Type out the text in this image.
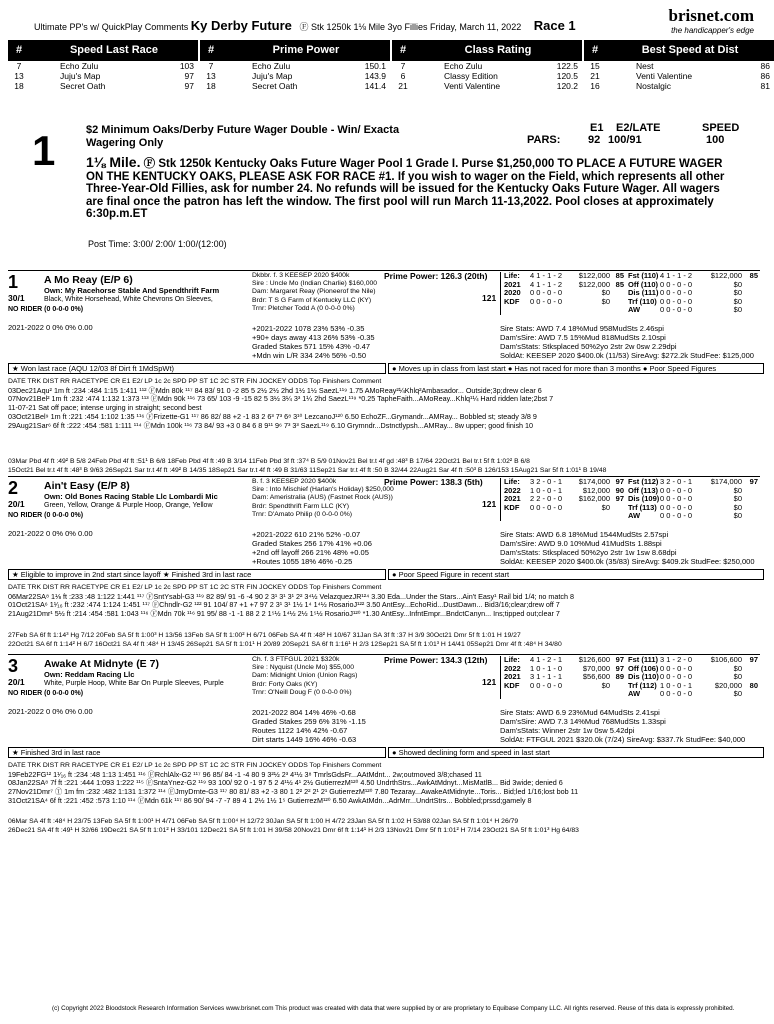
Ultimate PP's w/ QuickPlay Comments Ky Derby Future Ⓕ Stk 1250k 1⅛ Mile 3yo Fillies Friday, March 11, 2022 Race 1
brisnet.com
the handicapper's edge
#	Speed Last Race
7	Echo Zulu	103
13	Juju's Map	97
18	Secret Oath	97
#	Prime Power
7	Echo Zulu	150.1
13	Juju's Map	143.9
18	Secret Oath	141.4
#	Class Rating
7	Echo Zulu	122.5
6	Classy Edition	120.5
21	Venti Valentine	120.2
#	Best Speed at Dist
15	Nest	86
21	Venti Valentine	86
16	Nostalgic	81
1	$2 Minimum Oaks/Derby Future Wager Double - Win/ Exacta Wagering Only	PARS:
E1 E2/LATE	SPEED
92 100/91	100
1⅛ Mile. Ⓕ Stk 1250k Kentucky Oaks Future Wager Pool 1 Grade I. Purse $1,250,000 TO PLACE A FUTURE WAGER ON THE KENTUCKY OAKS, PLEASE ASK FOR RACE #1. If you wish to wager on the Field, which represents all other Three-Year-Old Fillies, ask for number 24. No refunds will be issued for the Kentucky Oaks Future Wager. All wagers are final once the patron has left the window. The first pool will run March 11-13,2022. Pool closes at approximately 6:30p.m.ET
Post Time: 3:00/ 2:00/ 1:00/(12:00)
1 A Mo Reay (E/P 6)
Own: My Racehorse Stable And Spendthrift Farm
30/1	Black, White Horsehead, White Chevrons On Sleeves,
NO RIDER (0 0-0-0 0%)
Dkbbr. f. 3 KEESEP 2020 $400k
Sire : Uncle Mo (Indian Charlie) $160,000
Dam: Margaret Reay (Pioneerof the Nile)
Brdr: T S G Farm of Kentucky LLC (KY)
Trnr: Pletcher Todd A (0 0-0-0 0%)
Prime Power: 126.3 (20th)
121
Life:	4 1 - 1 - 2	$122,000 85 Fst (110) 4 1 - 1 - 2	$122,000	85
2021	4 1 - 1 - 2	$122,000 85 Off (110) 0 0 - 0 - 0	$0
2020	0 0 - 0 - 0	$0	Dis (111) 0 0 - 0 - 0	$0
KDF	0 0 - 0 - 0	$0	Trf (110) 0 0 - 0 - 0	$0
AW	0 0 - 0 - 0	$0
2021-2022 0 0% 0% 0.00	+2021-2022 1078 23% 53% -0.35
+90+ days away 413 26% 53% -0.35
Graded Stakes 571 15% 43% -0.47
+Mdn win L/R 334 24% 56% -0.50
Sire Stats: AWD 7.4 18%Mud 958MudSts 2.46spi
Dam'sSire: AWD 7.5 15%Mud 818MudSts 2.10spi
Dam'sStats: Stksplaced 50%2yo 2str 2w 0sw 2.29dpi
SoldAt: KEESEP 2020 $400.0k (11/53) SireAvg: $272.2k StudFee: $125,000
★ Won last race (AQU 12/03 8f Dirt ft 1MdSpWt)	● Moves up in class from last start ● Has not raced for more than 3 months ● Poor Speed Figures
DATE TRK DIST RR RACETYPE CR E1 E2/ LP 1c 2c SPD PP ST 1C 2C STR FIN JOCKEY ODDS Top Finishers Comment
03Dec21Aqu² 1m ft :234 :484 1:15 1:411 ¹¹² ⒻMdn 80k ¹¹⁷ 84 83/ 91 0 -2 85 5 2½ 2½ 2hd 1½ 1½ SaezL¹¹⁹ 1.75 AMoReay²¼Khlq²Ambasador... Outside;3p;drew clear 6
07Nov21Bel² 1m ft :232 :474 1:132 1:373 ¹¹³ ⒻMdn 90k ¹¹⁶ 73 65/ 103 -9 -15 82 5 3½ 3¼ 3³ 1¼ 2hd SaezL¹¹⁹ *0.25 TapheFaith...AMoReay...Khlq¹¼ Hard ridden late;2bst 7
11-07-21 Sat off pace; intense urging in straight; second best
03Oct21Bel⁹ 1m ft :221 :454 1:102 1:35 ¹¹⁶ ⒻFrizette-G1 ¹¹⁷ 86 82/ 88 +2 -1 83 2 6³ 7³ 6⁸ 3¹⁰ LezcanoJ¹²⁰ 6.50 EchoZF...Grymandr...AMRay... Bobbled st; steady 3/8 9
29Aug21Sar⁶ 6f ft :222 :454 :581 1:111 ¹¹⁴ ⒻMdn 100k ¹¹⁶ 73 84/ 93 +3 0 84 6 8 9¹¹ 9⁶ 7³ 3³ SaezL¹¹⁹ 6.10 Grymndr...Dstnctlypsh...AMRay... 8w upper; good finish 10
03Mar Pbd 4f ft :49² B 5/8 24Feb Pbd 4f ft :51¹ B 6/8 18Feb Pbd 4f ft :49 B 3/14 11Feb Pbd 3f ft :37⁴ B 5/9 01Nov21 Bel tr.t 4f gd :48³ B 17/64 22Oct21 Bel tr.t 5f ft 1:02² B 6/8
15Oct21 Bel tr.t 4f ft :48³ B 9/63 26Sep21 Sar tr.t 4f ft :49² B 14/35 18Sep21 Sar tr.t 4f ft :49 B 31/63 11Sep21 Sar tr.t 4f ft :50 B 32/44 22Aug21 Sar 4f ft :50³ B 126/153 15Aug21 Sar 5f ft 1:01¹ B 19/48
2 Ain't Easy (E/P 8)
Own: Old Bones Racing Stable Llc Lombardi Mic
20/1	Green, Yellow, Orange & Purple Hoop, Orange, Yellow
NO RIDER (0 0-0-0 0%)
B. f. 3 KEESEP 2020 $400k
Sire : Into Mischief (Harlan's Holiday) $250,000
Dam: Ameristralia (AUS) (Fastnet Rock (AUS))
Brdr: Spendthrift Farm LLC (KY)
Trnr: D'Amato Philip (0 0-0-0 0%)
Prime Power: 138.3 (5th)
121
Life:	3 2 - 0 - 1	$174,000 97 Fst (112) 3 2 - 0 - 1	$174,000	97
2022	1 0 - 0 - 1	$12,000 90 Off (113) 0 0 - 0 - 0	$0
2021	2 2 - 0 - 0	$162,000 97 Dis (109) 0 0 - 0 - 0	$0
KDF	0 0 - 0 - 0	$0	Trf (113) 0 0 - 0 - 0	$0
AW	0 0 - 0 - 0	$0
2021-2022 0 0% 0% 0.00	+2021-2022 610 21% 52% -0.07
Graded Stakes 256 17% 41% +0.06
+2nd off layoff 266 21% 48% +0.05
+Routes 1055 18% 46% -0.25
Sire Stats: AWD 6.8 18%Mud 1544MudSts 2.57spi
Dam'sSire: AWD 9.0 10%Mud 41MudSts 1.88spi
Dam'sStats: Stksplaced 50%2yo 2str 1w 1sw 8.68dpi
SoldAt: KEESEP 2020 $400.0k (35/83) SireAvg: $409.2k StudFee: $250,000
★ Eligible to improve in 2nd start since layoff ★ Finished 3rd in last race	● Poor Speed Figure in recent start
DATE TRK DIST RR RACETYPE CR E1 E2/ LP 1c 2c SPD PP ST 1C 2C STR FIN JOCKEY ODDS Top Finishers Comment
06Mar22SA⁸ 1⅛ ft :233 :48 1:122 1:441 ¹¹⁷ ⒻSntYsabl-G3 ¹¹⁹ 82 89/ 91 -6 -4 90 2 3¹ 3¹ 3¹ 2² 3⁴½ VelazquezJR¹²⁴ 3.30 Eda...Under the Stars...Ain't Easy¹ Rail bid 1/4; no match 8
01Oct21SA⁶ 1¹⁄₁₆ ft :232 :474 1:124 1:451 ¹¹⁷ ⒻChndlr-G2 ¹²² 91 104/ 87 +1 +7 97 2 3¹ 3¹ 1½ 1⁴ 1⁴½ RosarioJ¹²² 3.50 AntEsy...EchoRid...DustDawn... Bid3/16;clear;drew off 7
21Aug21Dmr¹ 5½ ft :214 :454 :581 1:043 ¹¹⁶ ⒻMdn 70k ¹¹⁶ 91 95/ 88 -1 -1 88 2 2 1⁵½ 1⁴½ 2½ 1⁵½ RosarioJ¹²⁰ *1.30 AntEsy...InfntEmpr...BndctCanyn... Ins;tipped out;clear 7
27Feb SA 6f ft 1:14³ Hg 7/12 20Feb SA 5f ft 1:00³ H 13/56 13Feb SA 5f ft 1:00² H 6/71 06Feb SA 4f ft :48² H 10/67 31Jan SA 3f ft :37 H 3/9 30Oct21 Dmr 5f ft 1:01 H 19/27
22Oct21 SA 6f ft 1:14² H 6/7 16Oct21 SA 4f ft :48⁴ H 13/45 26Sep21 SA 5f ft 1:01¹ H 20/89 20Sep21 SA 6f ft 1:16¹ H 2/3 12Sep21 SA 5f ft 1:01³ H 14/41 05Sep21 Dmr 4f ft :48⁴ H 34/80
3 Awake At Midnyte (E 7)
Own: Reddam Racing Llc
20/1	White, Purple Hoop, White Bar On Purple Sleeves, Purple
NO RIDER (0 0-0-0 0%)
Ch. f. 3 FTFGUL 2021 $320k
Sire : Nyquist (Uncle Mo) $55,000
Dam: Midnight Union (Union Rags)
Brdr: Forty Oaks (KY)
Trnr: O'Neill Doug F (0 0-0-0 0%)
Prime Power: 134.3 (12th)
121
Life:	4 1 - 2 - 1	$126,600 97 Fst (111) 3 1 - 2 - 0	$106,600	97
2022	1 0 - 1 - 0	$70,000 97 Off (106) 0 0 - 0 - 0	$0
2021	3 1 - 1 - 1	$56,600 89 Dis (110) 0 0 - 0 - 0	$0
KDF	0 0 - 0 - 0	$0	Trf (112) 1 0 - 0 - 1	$20,000	80
AW	0 0 - 0 - 0	$0
2021-2022 0 0% 0% 0.00	2021-2022 804 14% 46% -0.68
Graded Stakes 259 6% 31% -1.15
Routes 1122 14% 42% -0.67
Dirt starts 1449 16% 46% -0.63
Sire Stats: AWD 6.9 23%Mud 64MudSts 2.41spi
Dam'sSire: AWD 7.3 14%Mud 768MudSts 1.33spi
Dam'sStats: Winner 2str 1w 0sw 5.42dpi
SoldAt: FTFGUL 2021 $320.0k (7/24) SireAvg: $337.7k StudFee: $40,000
★ Finished 3rd in last race	● Showed declining form and speed in last start
DATE TRK DIST RR RACETYPE CR E1 E2/ LP 1c 2c SPD PP ST 1C 2C STR FIN JOCKEY ODDS Top Finishers Comment
19Feb22FG¹² 1¹⁄₁₆ ft :234 :48 1:13 1:451 ¹¹⁶ ⒻRchlAlx-G2 ¹¹⁷ 96 85/ 84 -1 -4 80 9 3²½ 2³ 4¹½ 3⁸ TmrlsGdsFr...AAtMdnt... 2w;outmoved 3/8;chased 11
08Jan22SA⁸ 7f ft :221 :444 1:093 1:222 ¹¹⁵ ⒻSntaYnez-G2 ¹¹⁹ 93 100/ 92 0 -1 97 5 2 4¹½ 4¹ 2½ GutierrezM¹²⁰ 4.50 UndrthStrs...AwkAtMdnyt...MisMatlB... Bid 3wide; denied 6
27Nov21Dmr⁷ Ⓣ 1m fm :232 :482 1:131 1:372 ¹¹⁴ ⒻJmyDrnte-G3 ¹¹⁷ 80 81/ 83 +2 -3 80 1 2² 2² 2¹ 2¹ GutierrezM¹²⁰ 7.80 Tezaray...AwakeAtMidnyte...Toris... Bid;led 1/16;lost bob 11
31Oct21SA⁴ 6f ft :221 :452 :573 1:10 ¹¹⁴ ⒻMdn 61k ¹¹⁷ 86 90/ 94 -7 -7 89 4 1 2½ 1½ 1⁵ GutierrezM¹²⁰ 6.50 AwkAtMdn...AdrMrr...UndrtStrs... Bobbled;prssd;gamely 8
06Mar SA 4f ft :48⁴ H 23/75 13Feb SA 5f ft 1:00¹ H 4/71 06Feb SA 5f ft 1:00⁴ H 12/72 30Jan SA 5f ft 1:00 H 4/72 23Jan SA 5f ft 1:02 H 53/88 02Jan SA 5f ft 1:01⁴ H 26/79
26Dec21 SA 4f ft :49¹ H 32/66 19Dec21 SA 5f ft 1:01² H 33/101 12Dec21 SA 5f ft 1:01 H 39/58 20Nov21 Dmr 6f ft 1:14¹ H 2/3 13Nov21 Dmr 5f ft 1:01² H 7/14 23Oct21 SA 5f ft 1:01³ Hg 64/83
(c) Copyright 2022 Bloodstock Research Information Services www.brisnet.com This product was created with data that were supplied by or are proprietary to Equibase Company LLC. All rights reserved. Reuse of this data is expressly prohibited.
